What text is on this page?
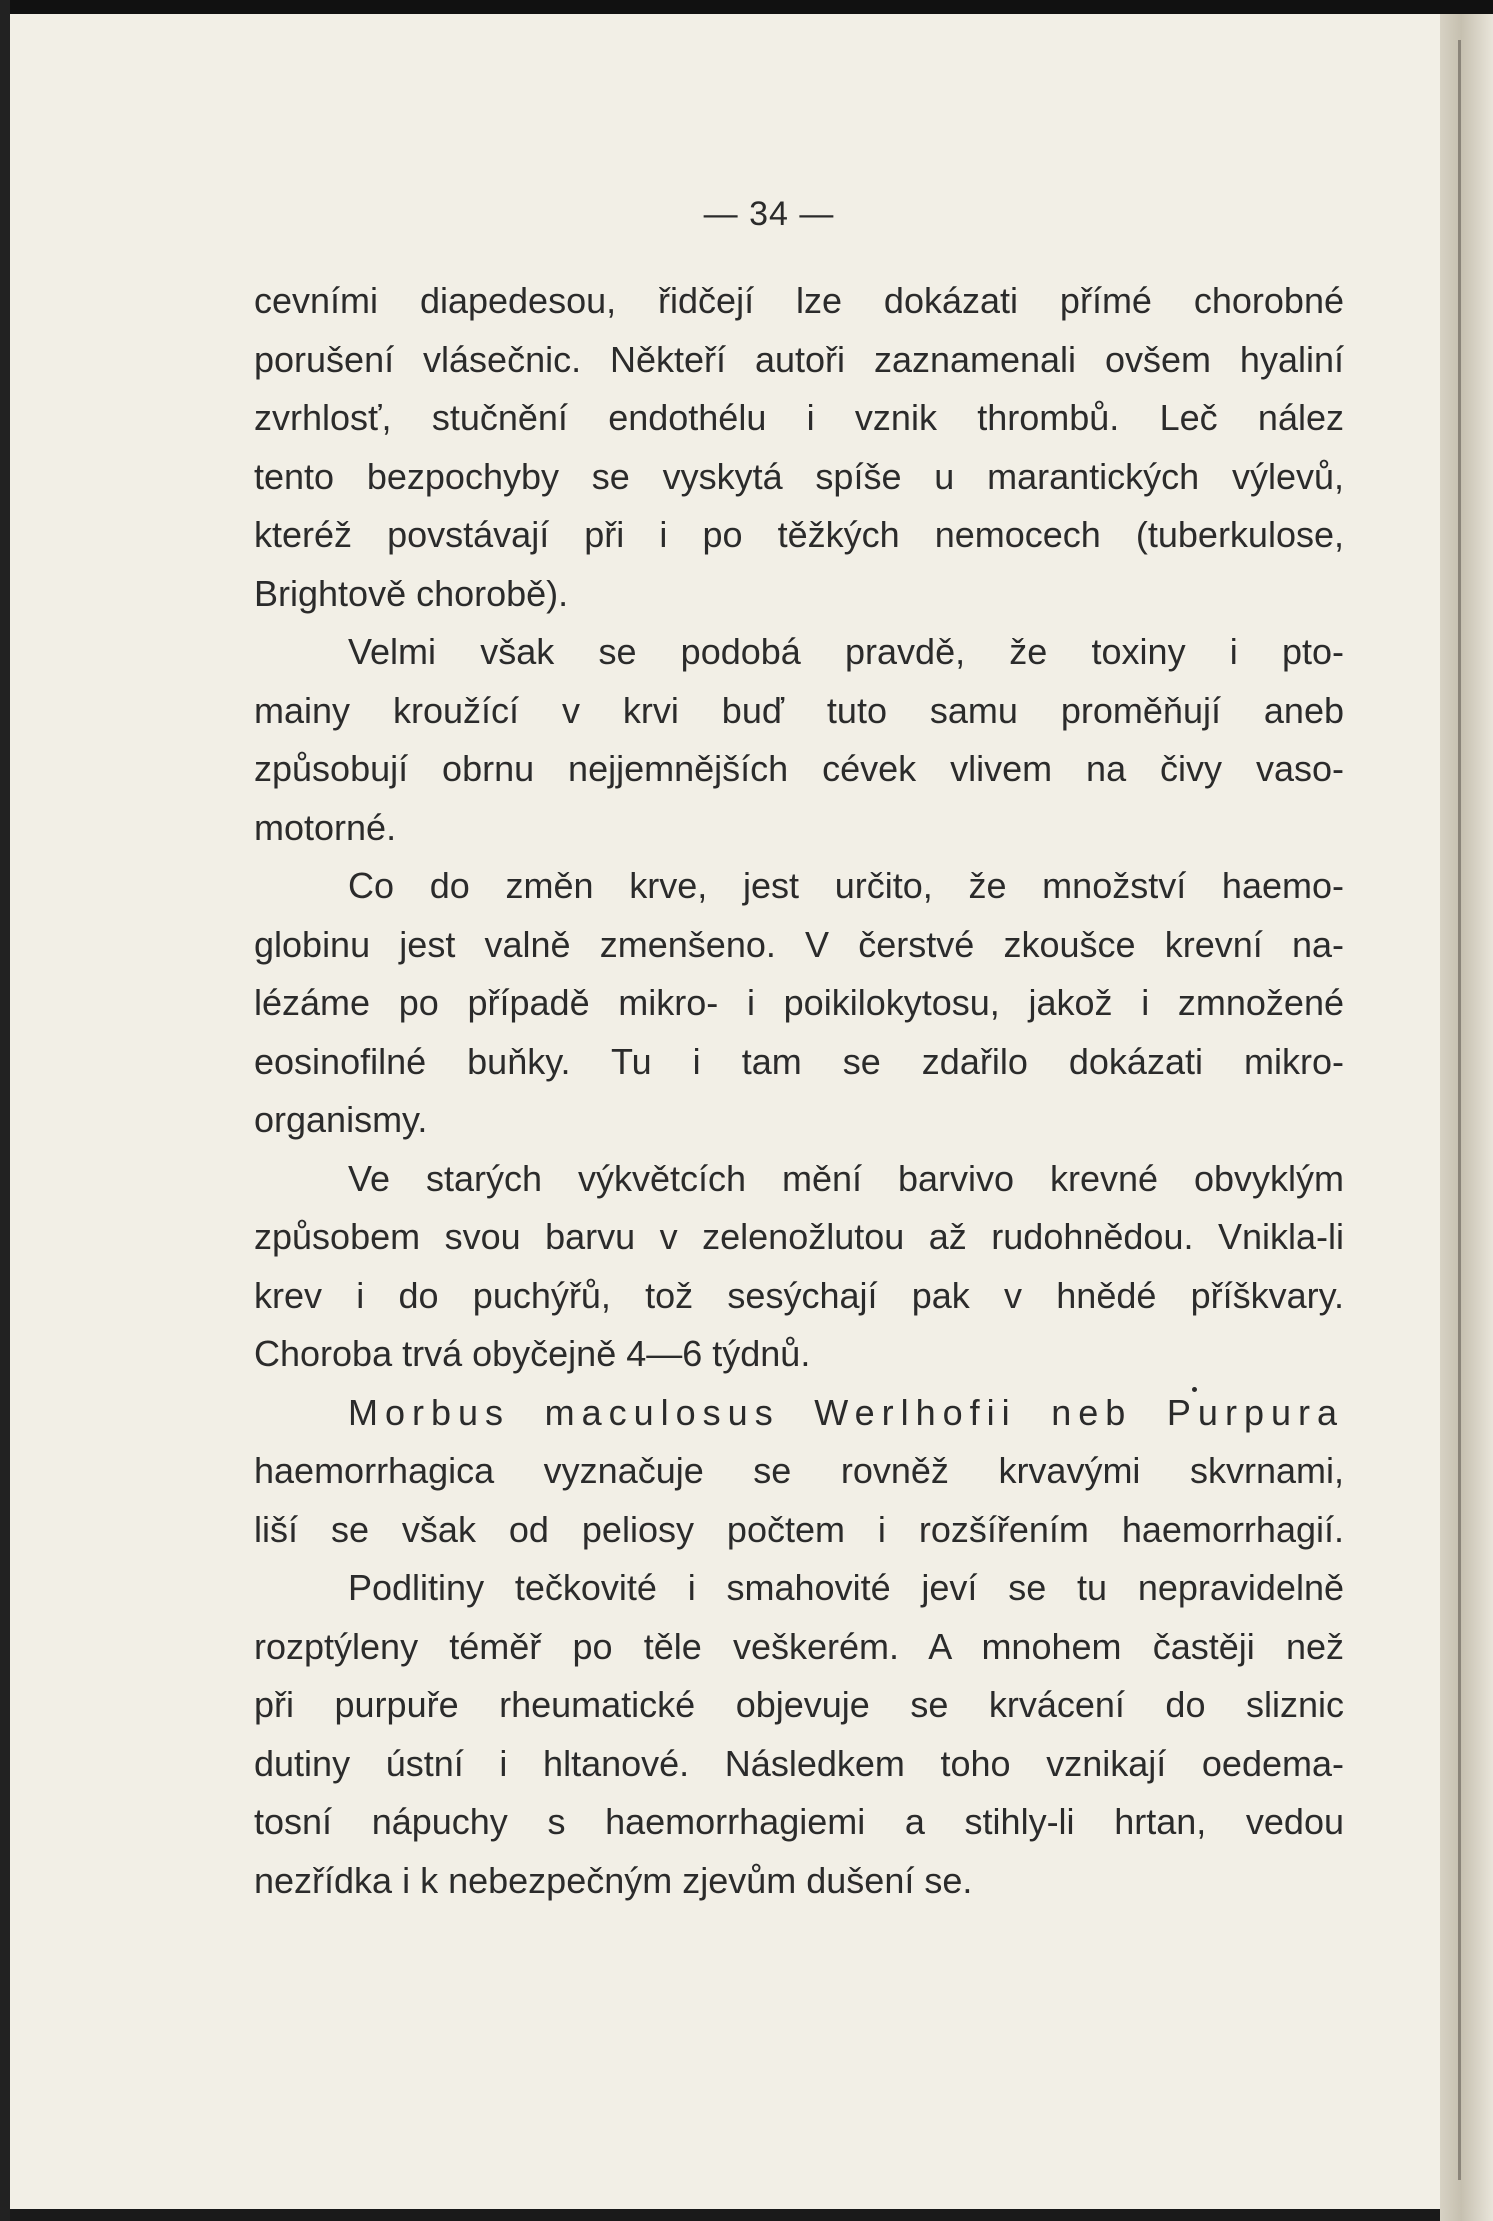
— 34 —
cevními diapedesou, řidčejí lze dokázati přímé chorobné
porušení vlásečnic. Někteří autoři zaznamenali ovšem hyaliní
zvrhlosť, stučnění endothélu i vznik thrombů. Leč nález
tento bezpochyby se vyskytá spíše u marantických výlevů,
kteréž povstávají při i po těžkých nemocech (tuberkulose,
Brightově chorobě).
Velmi však se podobá pravdě, že toxiny i pto-
mainy kroužící v krvi buď tuto samu proměňují aneb
způsobují obrnu nejjemnějších cévek vlivem na čivy vaso-
motorné.
Co do změn krve, jest určito, že množství haemo-
globinu jest valně zmenšeno. V čerstvé zkoušce krevní na-
lézáme po případě mikro- i poikilokytosu, jakož i zmnožené
eosinofilné buňky. Tu i tam se zdařilo dokázati mikro-
organismy.
Ve starých výkvětcích mění barvivo krevné obvyklým
způsobem svou barvu v zelenožlutou až rudohnědou. Vnikla-li
krev i do puchýřů, tož sesýchají pak v hnědé příškvary.
Choroba trvá obyčejně 4—6 týdnů.
Morbus maculosus Werlhofii neb Purpura
haemorrhagica vyznačuje se rovněž krvavými skvrnami,
liší se však od peliosy počtem i rozšířením haemorrhagií.
Podlitiny tečkovité i smahovité jeví se tu nepravidelně
rozptýleny téměř po těle veškerém. A mnohem častěji než
při purpuře rheumatické objevuje se krvácení do sliznic
dutiny ústní i hltanové. Následkem toho vznikají oedema-
tosní nápuchy s haemorrhagiemi a stihly-li hrtan, vedou
nezřídka i k nebezpečným zjevům dušení se.
